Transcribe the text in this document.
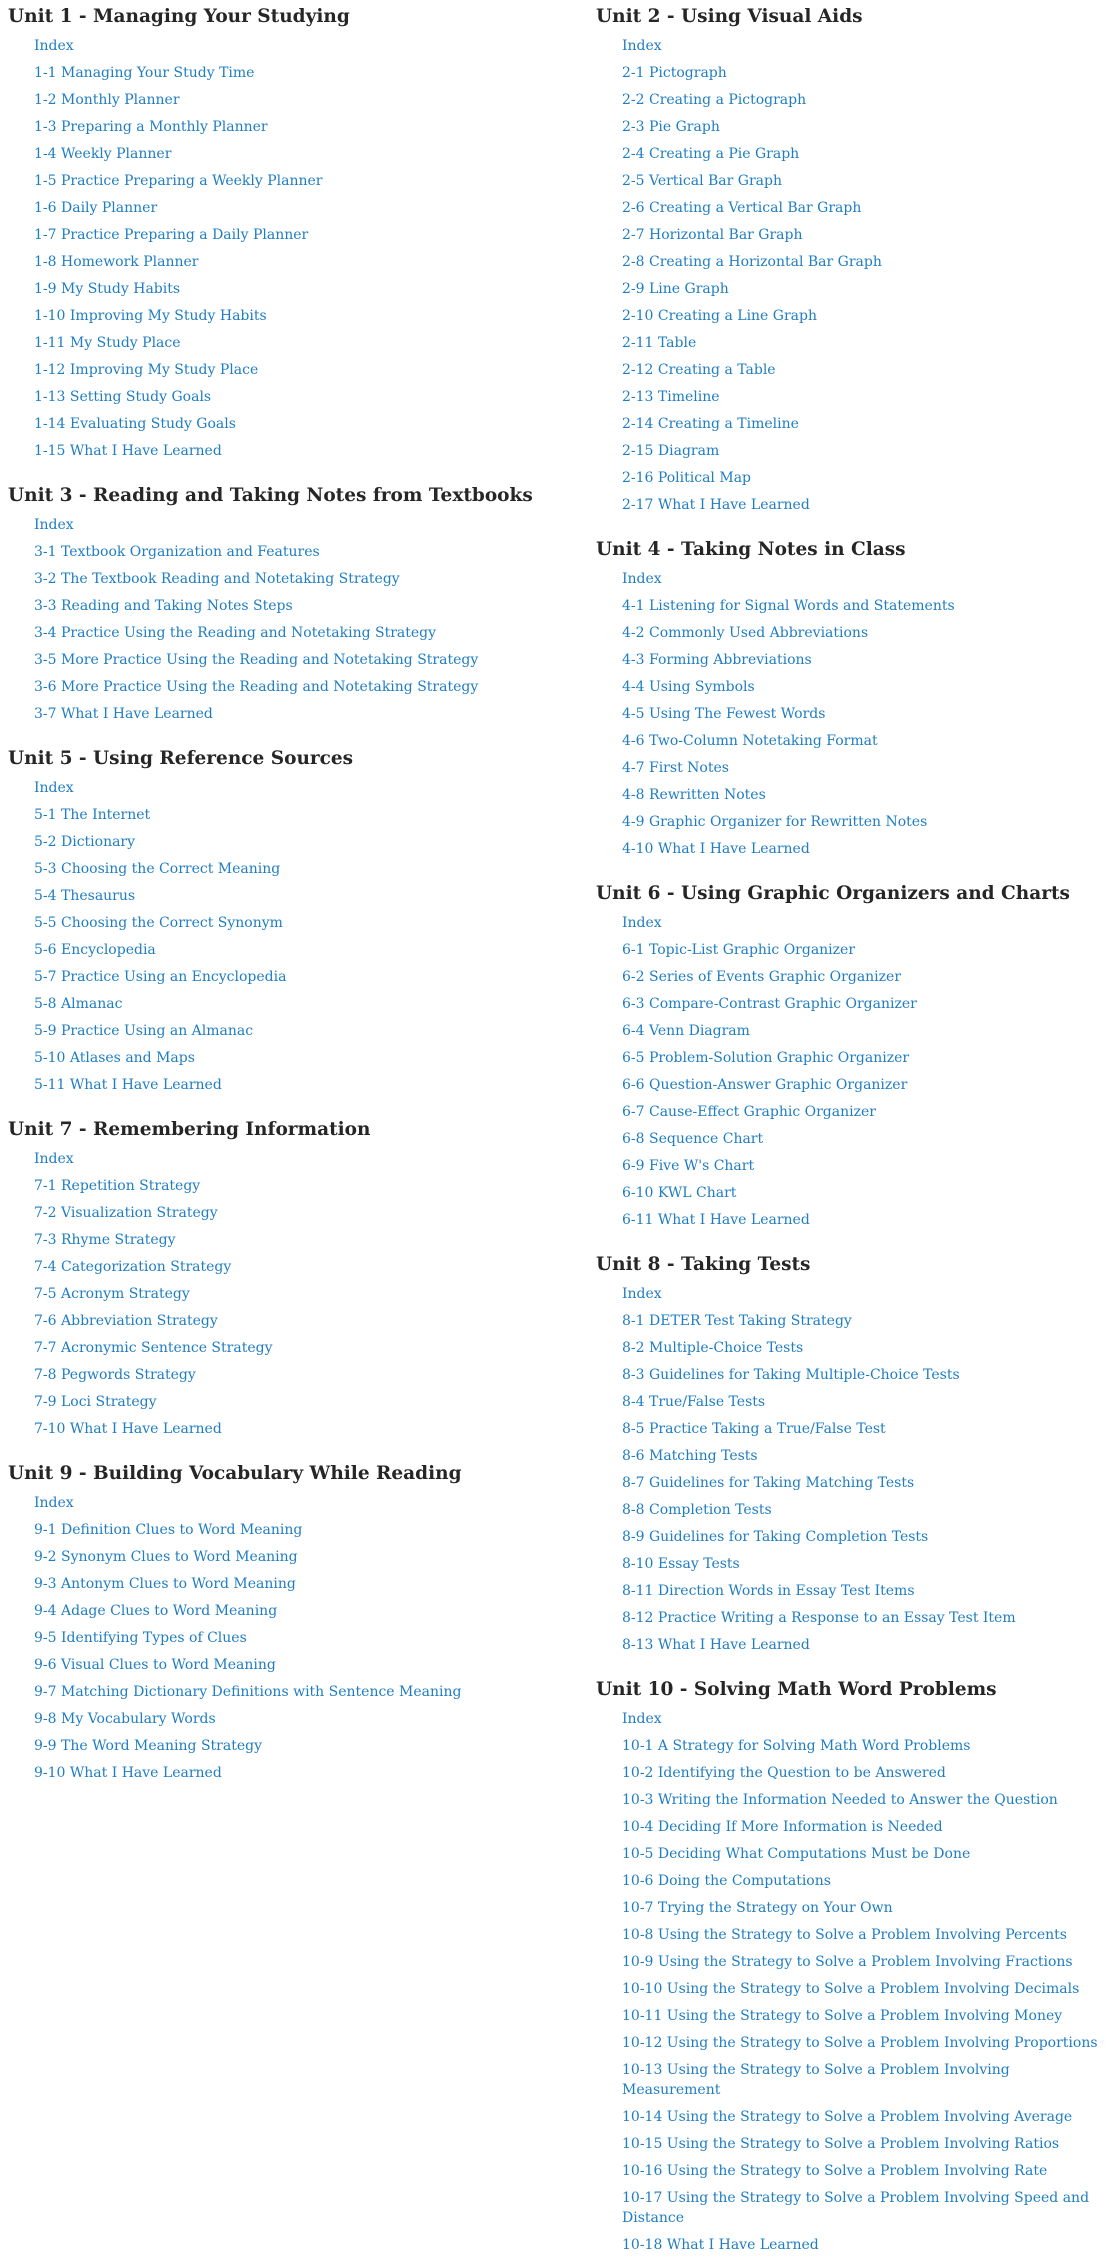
Unit 1 - Managing Your Studying
Index
1-1 Managing Your Study Time
1-2 Monthly Planner
1-3 Preparing a Monthly Planner
1-4 Weekly Planner
1-5 Practice Preparing a Weekly Planner
1-6 Daily Planner
1-7 Practice Preparing a Daily Planner
1-8 Homework Planner
1-9 My Study Habits
1-10 Improving My Study Habits
1-11 My Study Place
1-12 Improving My Study Place
1-13 Setting Study Goals
1-14 Evaluating Study Goals
1-15 What I Have Learned
Unit 3 - Reading and Taking Notes from Textbooks
Index
3-1 Textbook Organization and Features
3-2 The Textbook Reading and Notetaking Strategy
3-3 Reading and Taking Notes Steps
3-4 Practice Using the Reading and Notetaking Strategy
3-5 More Practice Using the Reading and Notetaking Strategy
3-6 More Practice Using the Reading and Notetaking Strategy
3-7 What I Have Learned
Unit 5 - Using Reference Sources
Index
5-1 The Internet
5-2 Dictionary
5-3 Choosing the Correct Meaning
5-4 Thesaurus
5-5 Choosing the Correct Synonym
5-6 Encyclopedia
5-7 Practice Using an Encyclopedia
5-8 Almanac
5-9 Practice Using an Almanac
5-10 Atlases and Maps
5-11 What I Have Learned
Unit 7 - Remembering Information
Index
7-1 Repetition Strategy
7-2 Visualization Strategy
7-3 Rhyme Strategy
7-4 Categorization Strategy
7-5 Acronym Strategy
7-6 Abbreviation Strategy
7-7 Acronymic Sentence Strategy
7-8 Pegwords Strategy
7-9 Loci Strategy
7-10 What I Have Learned
Unit 9 - Building Vocabulary While Reading
Index
9-1 Definition Clues to Word Meaning
9-2 Synonym Clues to Word Meaning
9-3 Antonym Clues to Word Meaning
9-4 Adage Clues to Word Meaning
9-5 Identifying Types of Clues
9-6 Visual Clues to Word Meaning
9-7 Matching Dictionary Definitions with Sentence Meaning
9-8 My Vocabulary Words
9-9 The Word Meaning Strategy
9-10 What I Have Learned
Unit 2 - Using Visual Aids
Index
2-1 Pictograph
2-2 Creating a Pictograph
2-3 Pie Graph
2-4 Creating a Pie Graph
2-5 Vertical Bar Graph
2-6 Creating a Vertical Bar Graph
2-7 Horizontal Bar Graph
2-8 Creating a Horizontal Bar Graph
2-9 Line Graph
2-10 Creating a Line Graph
2-11 Table
2-12 Creating a Table
2-13 Timeline
2-14 Creating a Timeline
2-15 Diagram
2-16 Political Map
2-17 What I Have Learned
Unit 4 - Taking Notes in Class
Index
4-1 Listening for Signal Words and Statements
4-2 Commonly Used Abbreviations
4-3 Forming Abbreviations
4-4 Using Symbols
4-5 Using The Fewest Words
4-6 Two-Column Notetaking Format
4-7 First Notes
4-8 Rewritten Notes
4-9 Graphic Organizer for Rewritten Notes
4-10 What I Have Learned
Unit 6 - Using Graphic Organizers and Charts
Index
6-1 Topic-List Graphic Organizer
6-2 Series of Events Graphic Organizer
6-3 Compare-Contrast Graphic Organizer
6-4 Venn Diagram
6-5 Problem-Solution Graphic Organizer
6-6 Question-Answer Graphic Organizer
6-7 Cause-Effect Graphic Organizer
6-8 Sequence Chart
6-9 Five W's Chart
6-10 KWL Chart
6-11 What I Have Learned
Unit 8 - Taking Tests
Index
8-1 DETER Test Taking Strategy
8-2 Multiple-Choice Tests
8-3 Guidelines for Taking Multiple-Choice Tests
8-4 True/False Tests
8-5 Practice Taking a True/False Test
8-6 Matching Tests
8-7 Guidelines for Taking Matching Tests
8-8 Completion Tests
8-9 Guidelines for Taking Completion Tests
8-10 Essay Tests
8-11 Direction Words in Essay Test Items
8-12 Practice Writing a Response to an Essay Test Item
8-13 What I Have Learned
Unit 10 - Solving Math Word Problems
Index
10-1 A Strategy for Solving Math Word Problems
10-2 Identifying the Question to be Answered
10-3 Writing the Information Needed to Answer the Question
10-4 Deciding If More Information is Needed
10-5 Deciding What Computations Must be Done
10-6 Doing the Computations
10-7 Trying the Strategy on Your Own
10-8 Using the Strategy to Solve a Problem Involving Percents
10-9 Using the Strategy to Solve a Problem Involving Fractions
10-10 Using the Strategy to Solve a Problem Involving Decimals
10-11 Using the Strategy to Solve a Problem Involving Money
10-12 Using the Strategy to Solve a Problem Involving Proportions
10-13 Using the Strategy to Solve a Problem Involving Measurement
10-14 Using the Strategy to Solve a Problem Involving Average
10-15 Using the Strategy to Solve a Problem Involving Ratios
10-16 Using the Strategy to Solve a Problem Involving Rate
10-17 Using the Strategy to Solve a Problem Involving Speed and Distance
10-18 What I Have Learned
